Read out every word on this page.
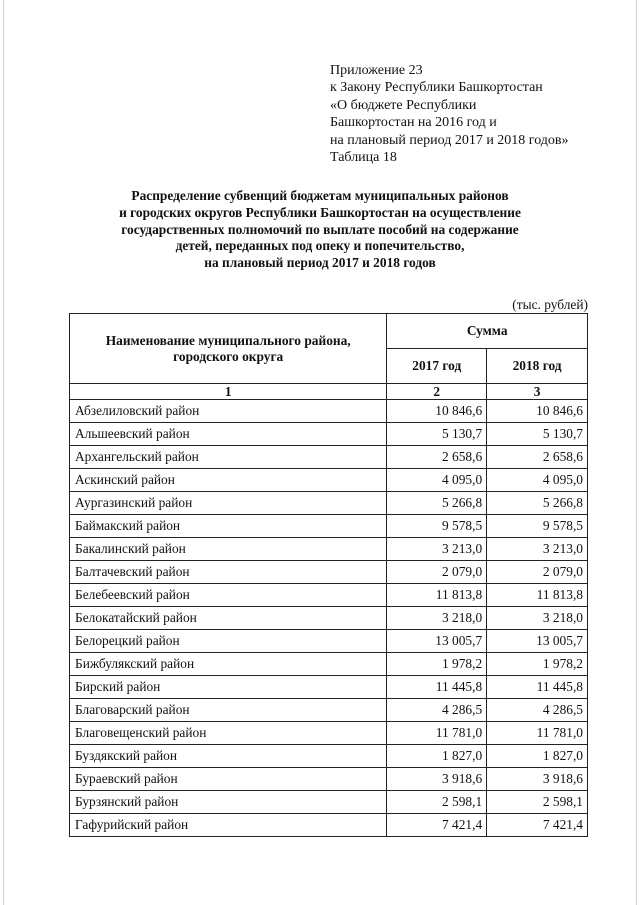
Приложение 23
к Закону Республики Башкортостан
«О бюджете Республики
Башкортостан на 2016 год и
на плановый период 2017 и 2018 годов»
Таблица 18
Распределение субвенций бюджетам муниципальных районов
и городских округов Республики Башкортостан на осуществление
государственных полномочий по выплате пособий на содержание
детей, переданных под опеку и попечительство,
на плановый период 2017 и 2018 годов
(тыс. рублей)
Наименование муниципального района,
городского округа	Сумма	
	2017 год	2018 год
1	2	3
Абзелиловский район	10 846,6	10 846,6
Альшеевский район	5 130,7	5 130,7
Архангельский район	2 658,6	2 658,6
Аскинский район	4 095,0	4 095,0
Аургазинский район	5 266,8	5 266,8
Баймакский район	9 578,5	9 578,5
Бакалинский район	3 213,0	3 213,0
Балтачевский район	2 079,0	2 079,0
Белебеевский район	11 813,8	11 813,8
Белокатайский район	3 218,0	3 218,0
Белорецкий район	13 005,7	13 005,7
Бижбулякский район	1 978,2	1 978,2
Бирский район	11 445,8	11 445,8
Благоварский район	4 286,5	4 286,5
Благовещенский район	11 781,0	11 781,0
Буздякский район	1 827,0	1 827,0
Бураевский район	3 918,6	3 918,6
Бурзянский район	2 598,1	2 598,1
Гафурийский район	7 421,4	7 421,4
